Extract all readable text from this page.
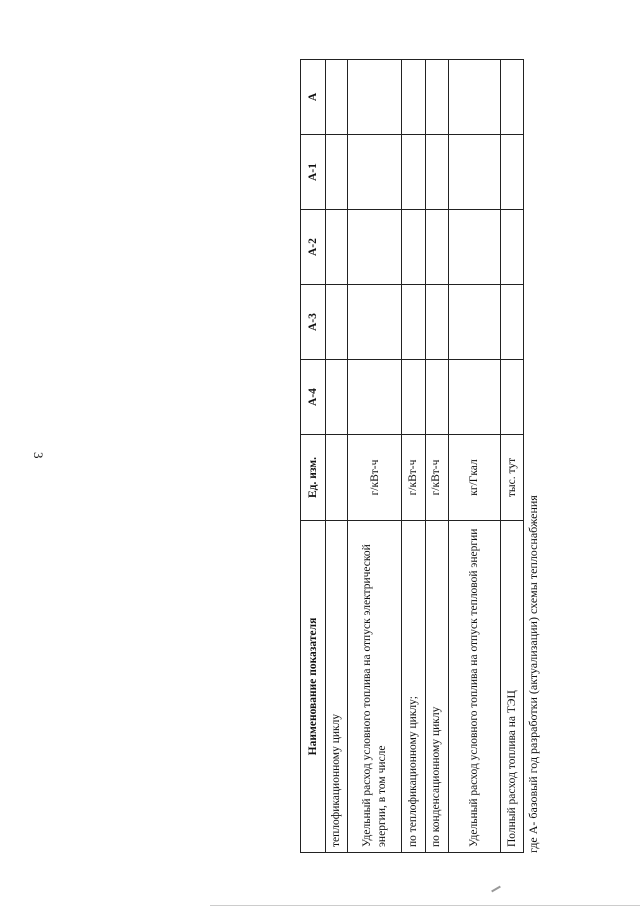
3
Наименование показателя	Ед. изм.	А-4	А-3	А-2	А-1	А
теплофикационному циклу						
Удельный расход условного топлива на отпуск электрической энергии, в том числе	г/кВт-ч					
по теплофикационному циклу;	г/кВт-ч					
по конденсационному циклу	г/кВт-ч					
Удельный расход условного топлива на отпуск тепловой энергии	кг/Гкал					
Полный расход топлива на ТЭЦ	тыс. тут					
где А- базовый год разработки (актуализации) схемы теплоснабжения
